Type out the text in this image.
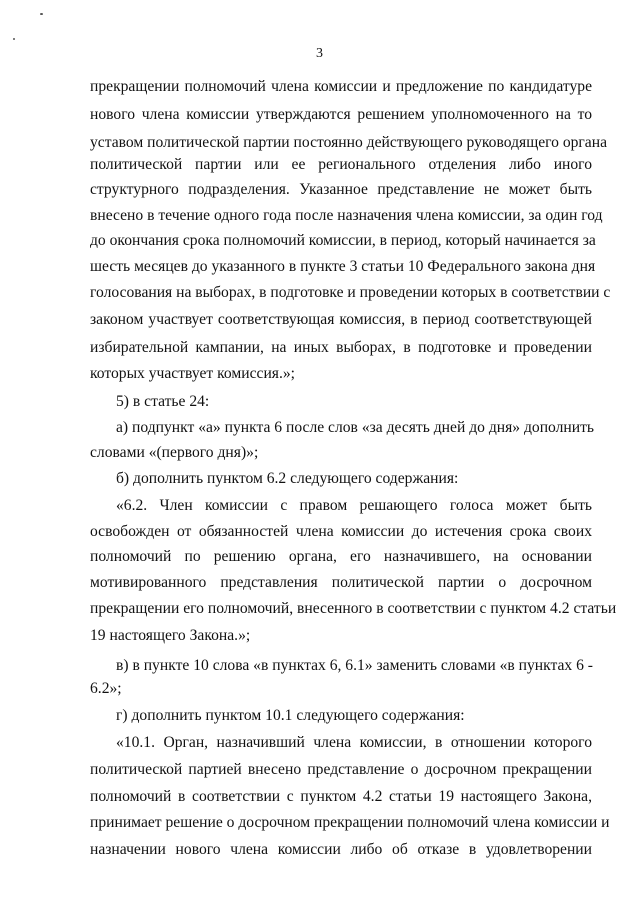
3
прекращении полномочий члена комиссии и предложение по кандидатуре
нового члена комиссии утверждаются решением уполномоченного на то
уставом политической партии постоянно действующего руководящего органа
политической партии или ее регионального отделения либо иного
структурного подразделения. Указанное представление не может быть
внесено в течение одного года после назначения члена комиссии, за один год
до окончания срока полномочий комиссии, в период, который начинается за
шесть месяцев до указанного в пункте 3 статьи 10 Федерального закона дня
голосования на выборах, в подготовке и проведении которых в соответствии с
законом участвует соответствующая комиссия, в период соответствующей
избирательной кампании, на иных выборах, в подготовке и проведении
которых участвует комиссия.»;
5) в статье 24:
а) подпункт «а» пункта 6 после слов «за десять дней до дня» дополнить
словами «(первого дня)»;
б) дополнить пунктом 6.2 следующего содержания:
«6.2. Член комиссии с правом решающего голоса может быть
освобожден от обязанностей члена комиссии до истечения срока своих
полномочий по решению органа, его назначившего, на основании
мотивированного представления политической партии о досрочном
прекращении его полномочий, внесенного в соответствии с пунктом 4.2 статьи
19 настоящего Закона.»;
в) в пункте 10 слова «в пунктах 6, 6.1» заменить словами «в пунктах 6 -
6.2»;
г) дополнить пунктом 10.1 следующего содержания:
«10.1. Орган, назначивший члена комиссии, в отношении которого
политической партией внесено представление о досрочном прекращении
полномочий в соответствии с пунктом 4.2 статьи 19 настоящего Закона,
принимает решение о досрочном прекращении полномочий члена комиссии и
назначении нового члена комиссии либо об отказе в удовлетворении
